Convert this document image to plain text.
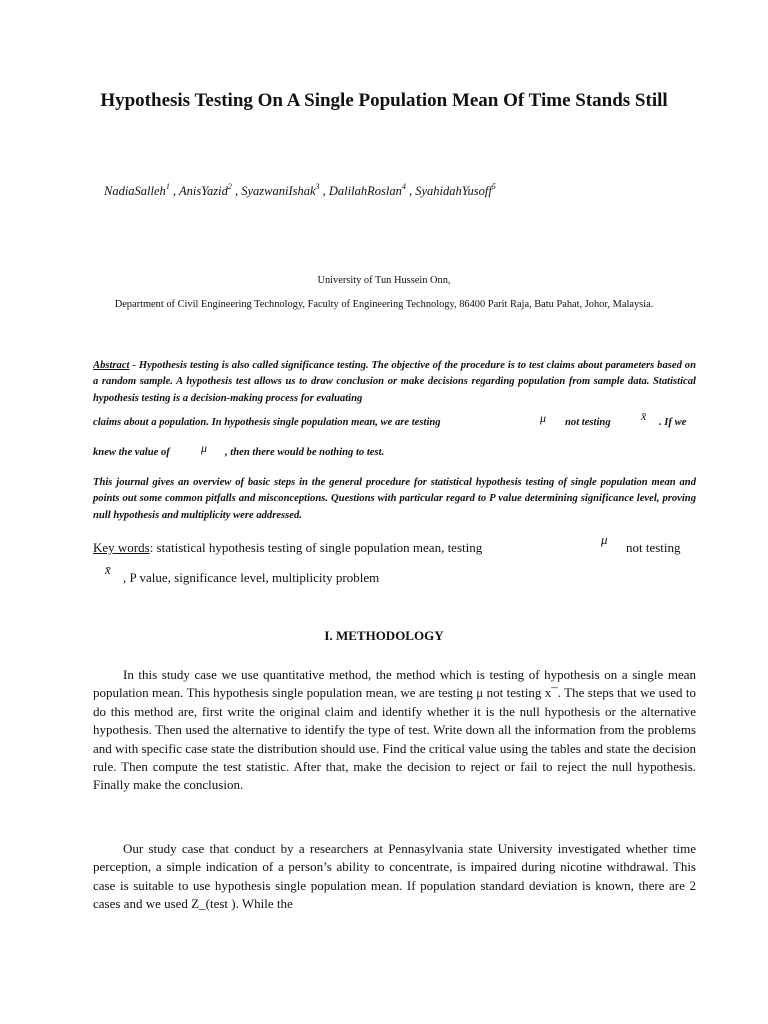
Hypothesis Testing On A Single Population Mean Of Time Stands Still
NadiaSalleh$^1$ , AnisYazid$^2$ , SyazwaniIshak$^3$ , DalilahRoslan$^4$ , SyahidahYusoff$^5$
University of Tun Hussein Onn,
Department of Civil Engineering Technology, Faculty of Engineering Technology, 86400 Parit Raja, Batu Pahat, Johor, Malaysia.
Abstract - Hypothesis testing is also called significance testing. The objective of the procedure is to test claims about parameters based on a random sample. A hypothesis test allows us to draw conclusion or make decisions regarding population from sample data. Statistical hypothesis testing is a decision-making process for evaluating
claims about a population. In hypothesis single population mean, we are testing	μ not testing	x̄ . If we
knew the value of	μ , then there would be nothing to test.
This journal gives an overview of basic steps in the general procedure for statistical hypothesis testing of single population mean and points out some common pitfalls and misconceptions. Questions with particular regard to P value determining significance level, proving null hypothesis and multiplicity were addressed.
Key words: statistical hypothesis testing of single population mean, testing
μ
not testing
x̄
, P value, significance level, multiplicity problem
I. METHODOLOGY

In this study case we use quantitative method, the method which is testing of hypothesis on a single mean population mean. This hypothesis single population mean, we are testing μ not testing x¯. The steps that we used to do this method are, first write the original claim and identify whether it is the null hypothesis or the alternative hypothesis. Then used the alternative to identify the type of test. Write down all the information from the problems and with specific case state the distribution should use. Find the critical value using the tables and state the decision rule. Then compute the test statistic. After that, make the decision to reject or fail to reject the null hypothesis. Finally make the conclusion.

Our study case that conduct by a researchers at Pennasylvania state University investigated whether time perception, a simple indication of a person’s ability to concentrate, is impaired during nicotine withdrawal. This case is suitable to use hypothesis single population mean. If population standard deviation is known, there are 2 cases and we used Z_(test ). While the
